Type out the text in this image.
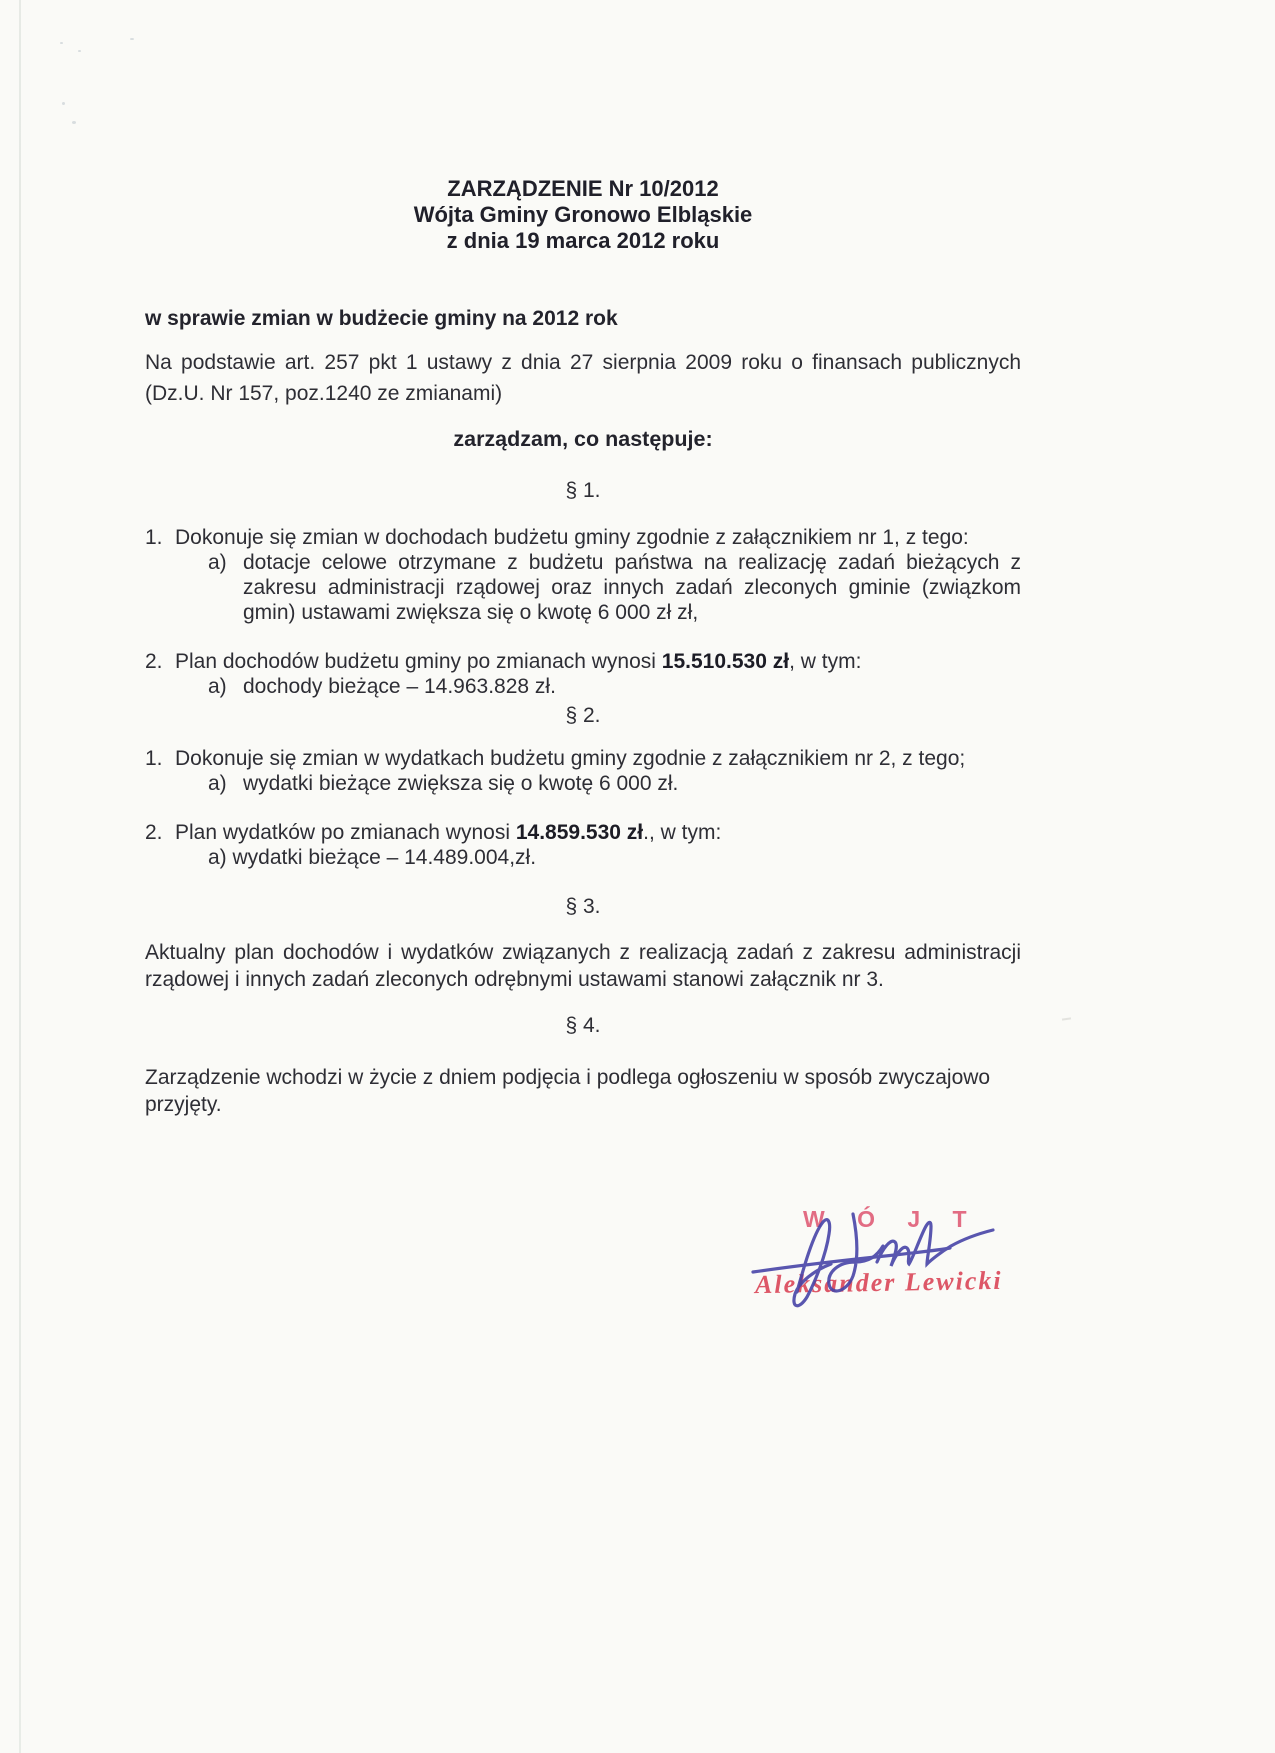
ZARZĄDZENIE Nr 10/2012
Wójta Gminy Gronowo Elbląskie
z dnia 19 marca 2012 roku
w sprawie zmian w budżecie gminy na 2012 rok
Na podstawie art. 257 pkt 1 ustawy z dnia 27 sierpnia 2009 roku o finansach publicznych (Dz.U. Nr 157, poz.1240 ze zmianami)
zarządzam, co następuje:
§ 1.
1. Dokonuje się zmian w dochodach budżetu gminy zgodnie z załącznikiem nr 1, z tego:
a) dotacje celowe otrzymane z budżetu państwa na realizację zadań bieżących z zakresu administracji rządowej oraz innych zadań zleconych gminie (związkom gmin) ustawami zwiększa się o kwotę 6 000 zł zł,
2. Plan dochodów budżetu gminy po zmianach wynosi 15.510.530 zł, w tym:
a) dochody bieżące – 14.963.828 zł.
§ 2.
1. Dokonuje się zmian w wydatkach budżetu gminy zgodnie z załącznikiem nr 2, z tego;
a) wydatki bieżące zwiększa się o kwotę 6 000 zł.
2. Plan wydatków po zmianach wynosi 14.859.530 zł., w tym:
a) wydatki bieżące – 14.489.004,zł.
§ 3.
Aktualny plan dochodów i wydatków związanych z realizacją zadań z zakresu administracji rządowej i innych zadań zleconych odrębnymi ustawami stanowi załącznik nr 3.
§ 4.
Zarządzenie wchodzi w życie z dniem podjęcia i podlega ogłoszeniu w sposób zwyczajowo przyjęty.
W Ó J T
Aleksander Lewicki
